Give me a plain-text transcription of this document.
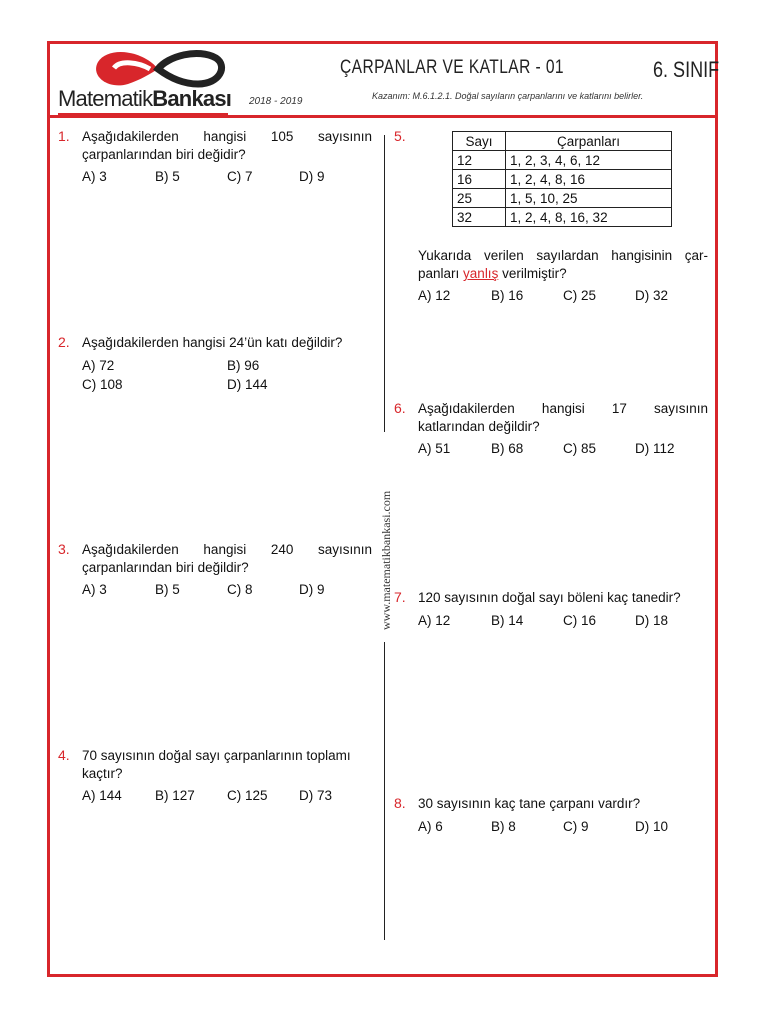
MatematikBankası 2018 - 2019
ÇARPANLAR VE KATLAR - 01	6. SINIF
Kazanım: M.6.1.2.1. Doğal sayıların çarpanlarını ve katlarını belirler.
www.matematikbankasi.com
1. Aşağıdakilerden hangisi 105 sayısının çarpanlarından biri değidir?
A) 3	B) 5	C) 7	D) 9
2. Aşağıdakilerden hangisi 24’ün katı değildir?
A) 72	B) 96
C) 108	D) 144
3. Aşağıdakilerden hangisi 240 sayısının çarpanlarından biri değildir?
A) 3	B) 5	C) 8	D) 9
4. 70 sayısının doğal sayı çarpanlarının toplamı kaçtır?
A) 144 B) 127 C) 125 D) 73
5.	Sayı	Çarpanları
12	1, 2, 3, 4, 6, 12
16	1, 2, 4, 8, 16
25	1, 5, 10, 25
32	1, 2, 4, 8, 16, 32
Yukarıda verilen sayılardan hangisinin çar- panları yanlış verilmiştir?
A) 12	B) 16	C) 25	D) 32
6. Aşağıdakilerden hangisi 17 sayısının katlarından değildir?
A) 51	B) 68	C) 85	D) 112
7. 120 sayısının doğal sayı böleni kaç tanedir?
A) 12	B) 14	C) 16	D) 18
8. 30 sayısının kaç tane çarpanı vardır?
A) 6	B) 8	C) 9	D) 10
